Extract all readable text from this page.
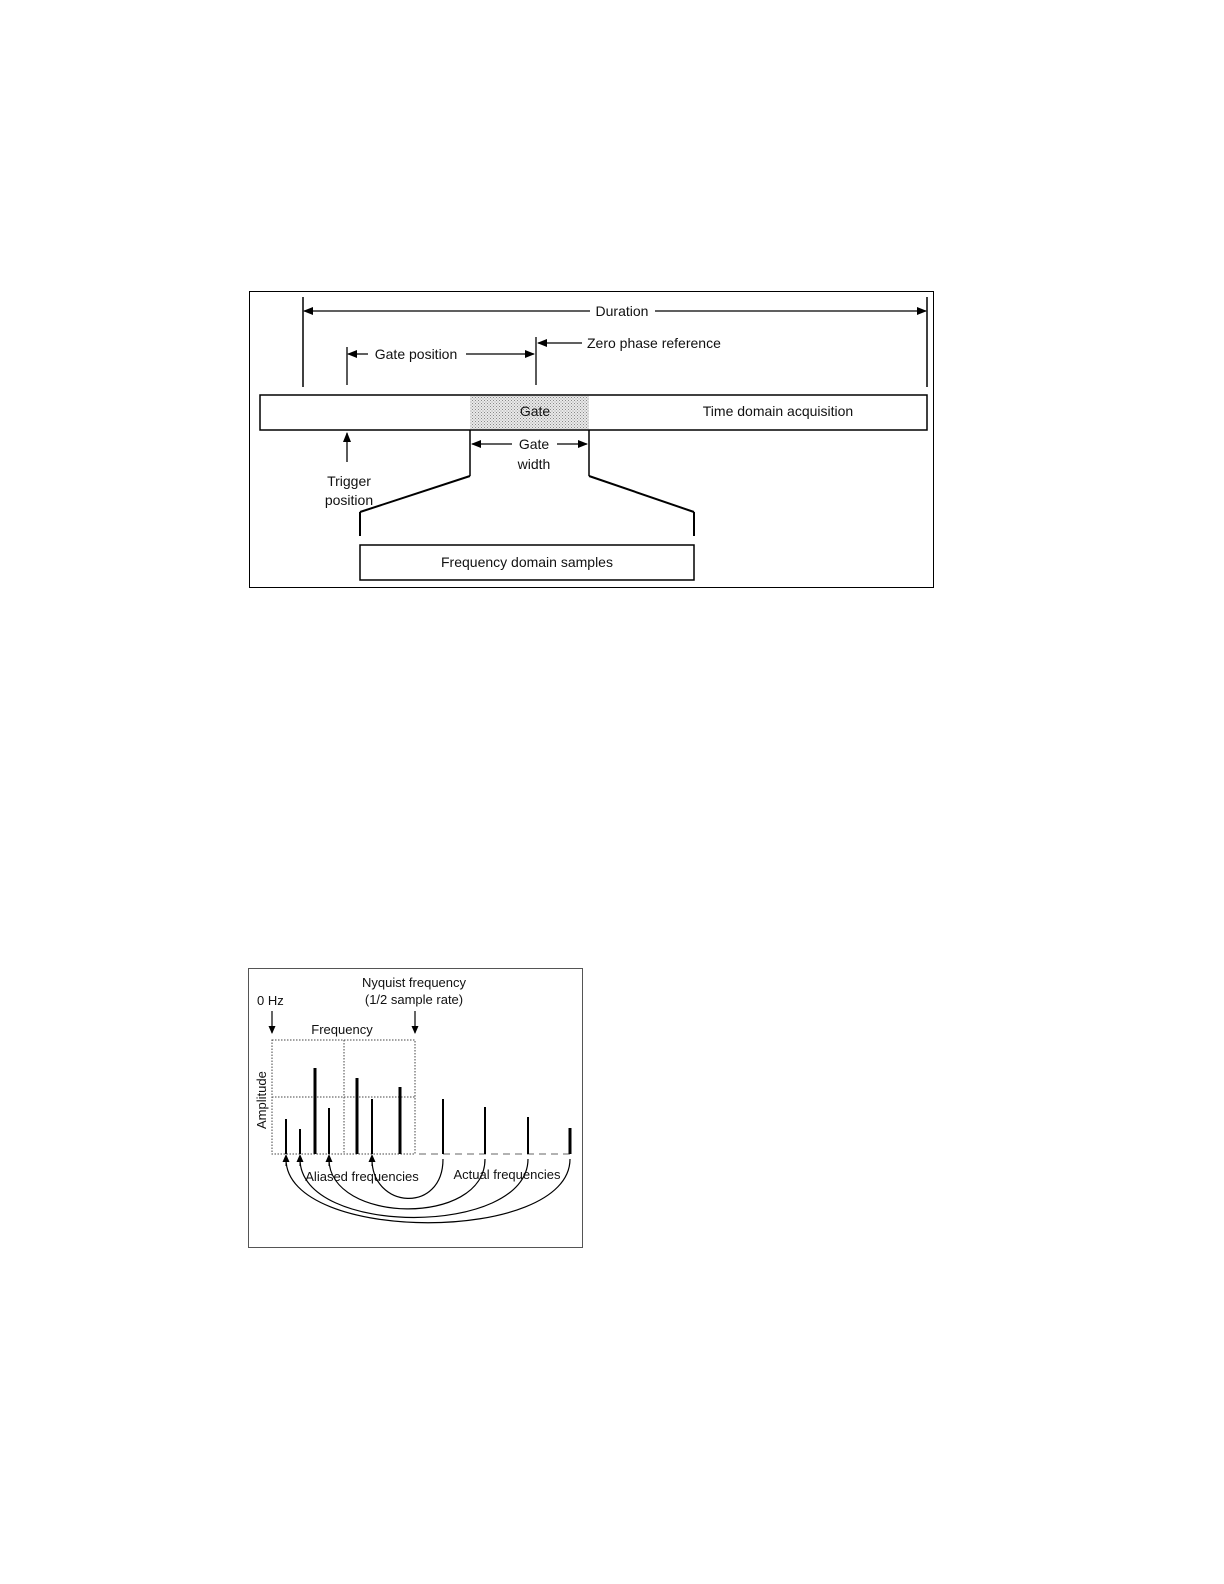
Duration
Gate position
Zero phase reference
Gate	Time domain acquisition
Gate
width
Trigger
position
Frequency domain samples
Nyquist frequency
(1/2 sample rate)
0 Hz
Frequency
Amplitude
Aliased frequencies	Actual frequencies
